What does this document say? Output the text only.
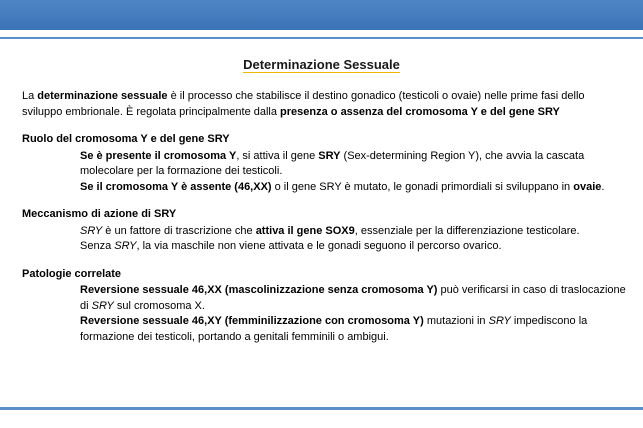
Determinazione Sessuale

La determinazione sessuale è il processo che stabilisce il destino gonadico (testicoli o ovaie) nelle prime fasi dello sviluppo embrionale. È regolata principalmente dalla presenza o assenza del cromosoma Y e del gene SRY

Ruolo del cromosoma Y e del gene SRY

Se è presente il cromosoma Y, si attiva il gene SRY (Sex-determining Region Y), che avvia la cascata molecolare per la formazione dei testicoli.

Se il cromosoma Y è assente (46,XX) o il gene SRY è mutato, le gonadi primordiali si sviluppano in ovaie.

Meccanismo di azione di SRY

SRY è un fattore di trascrizione che attiva il gene SOX9, essenziale per la differenziazione testicolare.

Senza SRY, la via maschile non viene attivata e le gonadi seguono il percorso ovarico.

Patologie correlate

Reversione sessuale 46,XX (mascolinizzazione senza cromosoma Y) può verificarsi in caso di traslocazione di SRY sul cromosoma X.

Reversione sessuale 46,XY (femminilizzazione con cromosoma Y) mutazioni in SRY impediscono la formazione dei testicoli, portando a genitali femminili o ambigui.
